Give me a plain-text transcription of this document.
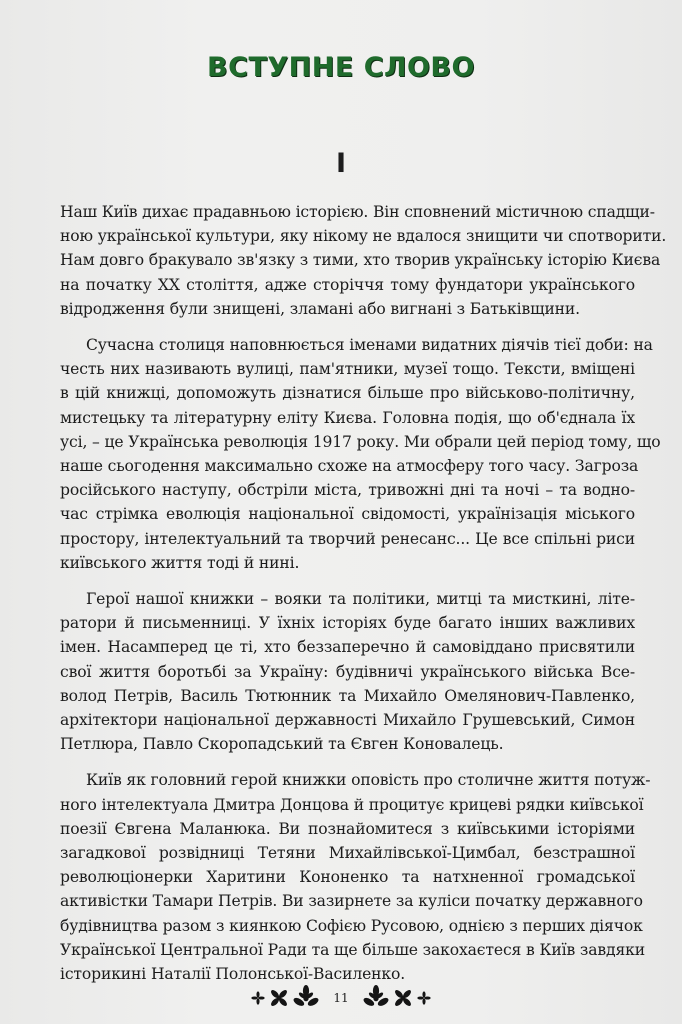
ВСТУПНЕ СЛОВО
I

Наш Київ дихає прадавньою історією. Він сповнений містичною спадщи-
ною української культури, яку нікому не вдалося знищити чи спотворити.
Нам довго бракувало зв'язку з тими, хто творив українську історію Києва
на початку ХХ століття, адже сторіччя тому фундатори українського
відродження були знищені, зламані або вигнані з Батьківщини.

Сучасна столиця наповнюється іменами видатних діячів тієї доби: на
честь них називають вулиці, пам'ятники, музеї тощо. Тексти, вміщені
в цій книжці, допоможуть дізнатися більше про військово-політичну,
мистецьку та літературну еліту Києва. Головна подія, що об'єднала їх
усі, – це Українська революція 1917 року. Ми обрали цей період тому, що
наше сьогодення максимально схоже на атмосферу того часу. Загроза
російського наступу, обстріли міста, тривожні дні та ночі – та водно-
час стрімка еволюція національної свідомості, українізація міського
простору, інтелектуальний та творчий ренесанс... Це все спільні риси
київського життя тоді й нині.

Герої нашої книжки – вояки та політики, митці та мисткині, літе-
ратори й письменниці. У їхніх історіях буде багато інших важливих
імен. Насамперед це ті, хто беззаперечно й самовіддано присвятили
свої життя боротьбі за Україну: будівничі українського війська Все-
волод Петрів, Василь Тютюнник та Михайло Омелянович-Павленко,
архітектори національної державності Михайло Грушевський, Симон
Петлюра, Павло Скоропадський та Євген Коновалець.

Київ як головний герой книжки оповість про столичне життя потуж-
ного інтелектуала Дмитра Донцова й процитує крицеві рядки київської
поезії Євгена Маланюка. Ви познайомитеся з київськими історіями
загадкової розвідниці Тетяни Михайлівської-Цимбал, безстрашної
революціонерки Харитини Кононенко та натхненної громадської
активістки Тамари Петрів. Ви зазирнете за куліси початку державного
будівництва разом з киянкою Софією Русовою, однією з перших діячок
Української Центральної Ради та ще більше закохаєтеся в Київ завдяки
історикині Наталії Полонської-Василенко.

11
